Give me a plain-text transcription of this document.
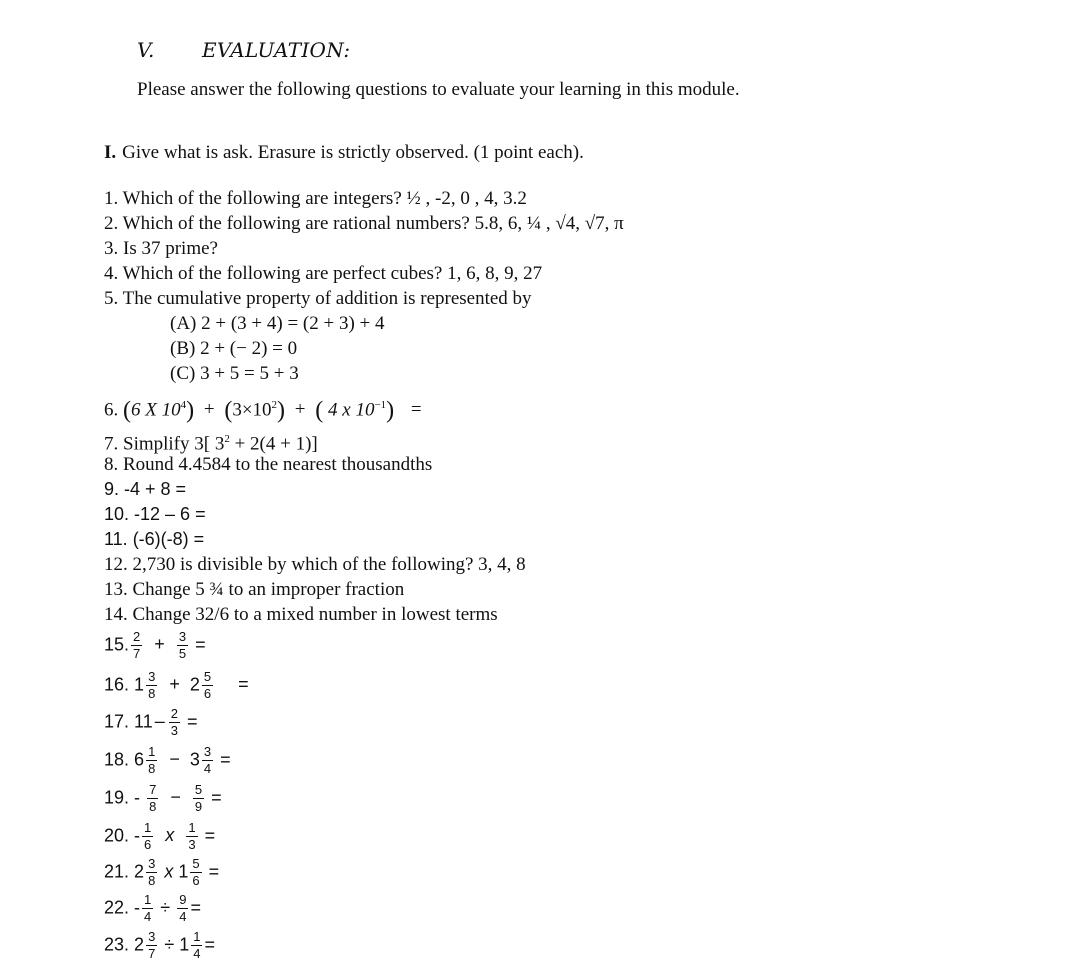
V. EVALUATION:
Please answer the following questions to evaluate your learning in this module.
I. Give what is ask. Erasure is strictly observed. (1 point each).
1. Which of the following are integers? ½ , -2, 0 , 4, 3.2
2. Which of the following are rational numbers? 5.8, 6, ¼ , √4, √7, π
3. Is 37 prime?
4. Which of the following are perfect cubes? 1, 6, 8, 9, 27
5. The cumulative property of addition is represented by
(A) 2 + (3 + 4) = (2 + 3) + 4
(B) 2 + (− 2) = 0
(C) 3 + 5 = 5 + 3
6. (6 X $10^4) + (3\times 10^2)$ + ( 4 x $10^{-1}$) =
7. Simplify 3[ $3^2 + 2(4 + 1)$]
8. Round 4.4584 to the nearest thousandths
9. -4 + 8 =
10. -12 – 6 =
11. (-6)(-8) =
12. 2,730 is divisible by which of the following? 3, 4, 8
13. Change 5 ¾ to an improper fraction
14. Change 32/6 to a mixed number in lowest terms
15. $\frac{2}{7} + \frac{3}{5}$ =
16. $1 \frac{3}{8} + 2 \frac{5}{6}$ =
17. $11 - \frac{2}{3}$ =
18. $6 \frac{1}{8} - 3 \frac{3}{4}$ =
19. - $\frac{7}{8} - \frac{5}{9}$ =
20. - $\frac{1}{6}$ x $\frac{1}{3}$ =
21. $2 \frac{3}{8}$ x $1 \frac{5}{6}$ =
22. - $\frac{1}{4} \div \frac{9}{4}$ =
23. $2 \frac{3}{7} \div 1 \frac{1}{4}$ =
